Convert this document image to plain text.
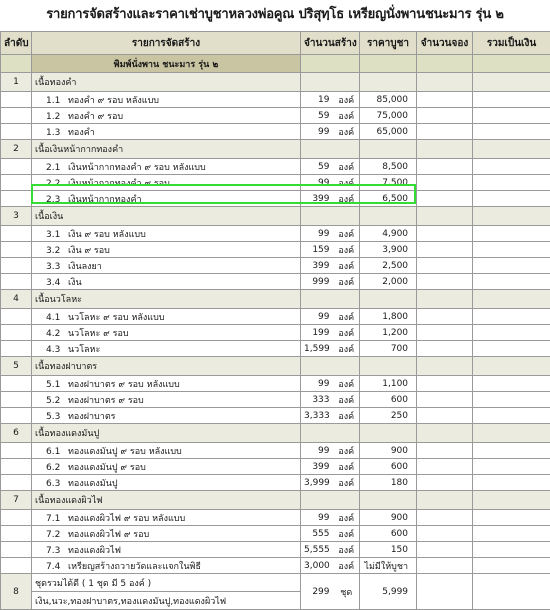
รายการจัดสร้างและราคาเช่าบูชาหลวงพ่อคูณ ปริสุทฺโธ เหรียญนั่งพานชนะมาร รุ่น ๒
ลำดับ	รายการจัดสร้าง	จำนวนสร้าง		ราคาบูชา	จำนวนจอง	รวมเป็นเงิน
	พิมพ์นั่งพาน ชนะมาร รุ่น ๒					
1	เนื้อทองคำ					
	1.1 ทองคำ ๙ รอบ หลังแบบ	19	องค์	85,000		
	1.2 ทองคำ ๙ รอบ	59	องค์	75,000		
	1.3 ทองคำ	99	องค์	65,000		
2	เนื้อเงินหน้ากากทองคำ					
	2.1 เงินหน้ากากทองคำ ๙ รอบ หลังแบบ	59	องค์	8,500		
	2.2 เงินหน้ากากทองคำ ๙ รอบ	99	องค์	7,500		
	2.3 เงินหน้ากากทองคำ	399	องค์	6,500		
3	เนื้อเงิน					
	3.1 เงิน ๙ รอบ หลังแบบ	99	องค์	4,900		
	3.2 เงิน ๙ รอบ	159	องค์	3,900		
	3.3 เงินลงยา	399	องค์	2,500		
	3.4 เงิน	999	องค์	2,000		
4	เนื้อนวโลหะ					
	4.1 นวโลหะ ๙ รอบ หลังแบบ	99	องค์	1,800		
	4.2 นวโลหะ ๙ รอบ	199	องค์	1,200		
	4.3 นวโลหะ	1,599	องค์	700		
5	เนื้อทองฝาบาตร					
	5.1 ทองฝาบาตร ๙ รอบ หลังแบบ	99	องค์	1,100		
	5.2 ทองฝาบาตร ๙ รอบ	333	องค์	600		
	5.3 ทองฝาบาตร	3,333	องค์	250		
6	เนื้อทองแดงมันปู					
	6.1 ทองแดงมันปู ๙ รอบ หลังแบบ	99	องค์	900		
	6.2 ทองแดงมันปู ๙ รอบ	399	องค์	600		
	6.3 ทองแดงมันปู	3,999	องค์	180		
7	เนื้อทองแดงผิวไฟ					
	7.1 ทองแดงผิวไฟ ๙ รอบ หลังแบบ	99	องค์	900		
	7.2 ทองแดงผิวไฟ ๙ รอบ	555	องค์	600		
	7.3 ทองแดงผิวไฟ	5,555	องค์	150		
	7.4 เหรียญสร้างถวายวัดและแจกในพิธี	3,000	องค์	ไม่มีให้บูชา		
8	ชุดรวมได้ดี ( 1 ชุด มี 5 องค์ )	299	ชุด	5,999		
	เงิน,นวะ,ทองฝาบาตร,ทองแดงมันปู,ทองแดงผิวไฟ					
